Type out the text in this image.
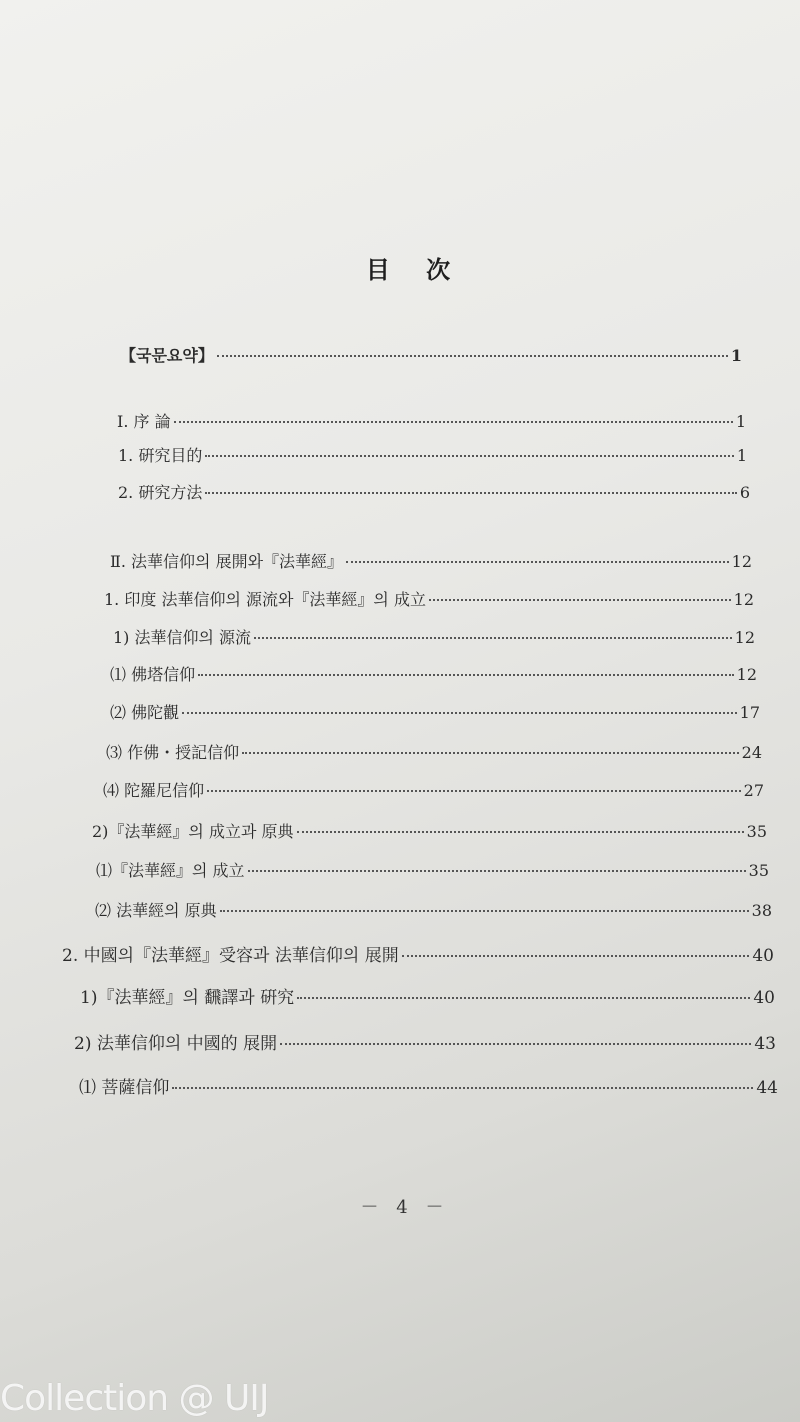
目 次
【국문요약】	1
Ⅰ. 序 論	1
1. 硏究目的	1
2. 硏究方法	6
Ⅱ. 法華信仰의 展開와『法華經』	12
1. 印度 法華信仰의 源流와『法華經』의 成立	12
1) 法華信仰의 源流	12
⑴ 佛塔信仰	12
⑵ 佛陀觀	17
⑶ 作佛・授記信仰	24
⑷ 陀羅尼信仰	27
2)『法華經』의 成立과 原典	35
⑴『法華經』의 成立	35
⑵ 法華經의 原典	38
2. 中國의『法華經』受容과 法華信仰의 展開	40
1)『法華經』의 飜譯과 硏究	40
2) 法華信仰의 中國的 展開	43
⑴ 菩薩信仰	44
－ 4 －
Collection @ UIJ
